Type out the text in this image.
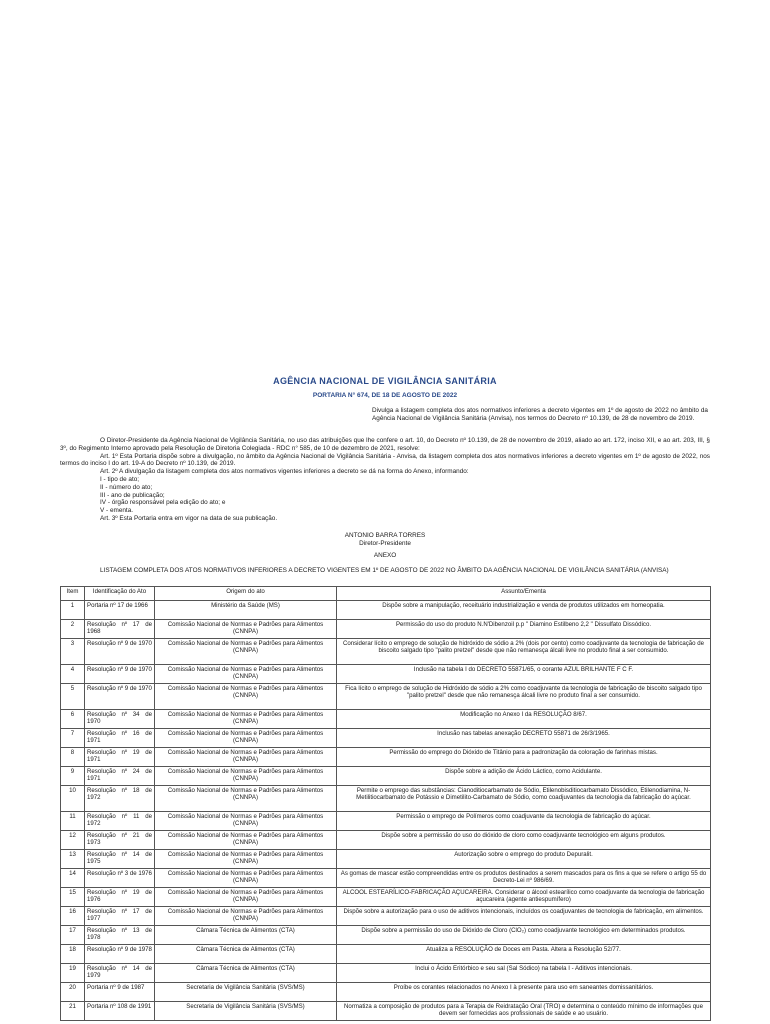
AGÊNCIA NACIONAL DE VIGILÂNCIA SANITÁRIA
PORTARIA N° 674, DE 18 DE AGOSTO DE 2022
Divulga a listagem completa dos atos normativos inferiores a decreto vigentes em 1º de agosto de 2022 no âmbito da Agência Nacional de Vigilância Sanitária (Anvisa), nos termos do Decreto nº 10.139, de 28 de novembro de 2019.

O Diretor-Presidente da Agência Nacional de Vigilância Sanitária, no uso das atribuições que lhe confere o art. 10, do Decreto nº 10.139, de 28 de novembro de 2019, aliado ao art. 172, inciso XII, e ao art. 203, III, § 3º, do Regimento Interno aprovado pela Resolução de Diretoria Colegiada - RDC n° 585, de 10 de dezembro de 2021, resolve:

Art. 1º Esta Portaria dispõe sobre a divulgação, no âmbito da Agência Nacional de Vigilância Sanitária - Anvisa, da listagem completa dos atos normativos inferiores a decreto vigentes em 1º de agosto de 2022, nos termos do inciso I do art. 19-A do Decreto nº 10.139, de 2019.

Art. 2º A divulgação da listagem completa dos atos normativos vigentes inferiores a decreto se dá na forma do Anexo, informando:

I - tipo de ato;

II - número do ato;

III - ano de publicação;

IV - órgão responsável pela edição do ato; e

V - ementa.

Art. 3º Esta Portaria entra em vigor na data de sua publicação.

ANTONIO BARRA TORRES
Diretor-Presidente
ANEXO
LISTAGEM COMPLETA DOS ATOS NORMATIVOS INFERIORES A DECRETO VIGENTES EM 1º DE AGOSTO DE 2022 NO ÂMBITO DA AGÊNCIA NACIONAL DE VIGILÂNCIA SANITÁRIA (ANVISA)
Item	Identificação do Ato	Origem do ato	Assunto/Ementa
1	Portaria nº 17 de 1966	Ministério da Saúde (MS)	Dispõe sobre a manipulação, receituário industrialização e venda de produtos utilizados em homeopatia.
2	Resolução nº 17 de 1968	Comissão Nacional de Normas e Padrões para Alimentos (CNNPA)	Permissão do uso do produto N.N'Dibenzoil p.p " Diamino Estilbeno 2,2 " Dissulfato Dissódico.
3	Resolução nº 9 de 1970	Comissão Nacional de Normas e Padrões para Alimentos (CNNPA)	Considerar lícito o emprego de solução de hidróxido de sódio a 2% (dois por cento) como coadjuvante da tecnologia de fabricação de biscoito salgado tipo "palito pretzel" desde que não remanesça álcali livre no produto final a ser consumido.
4	Resolução nº 9 de 1970	Comissão Nacional de Normas e Padrões para Alimentos (CNNPA)	Inclusão na tabela I do DECRETO 55871/65, o corante AZUL BRILHANTE F C F.
5	Resolução nº 9 de 1970	Comissão Nacional de Normas e Padrões para Alimentos (CNNPA)	Fica lícito o emprego de solução de Hidróxido de sódio a 2% como coadjuvante da tecnologia de fabricação de biscoito salgado tipo "palito pretzel" desde que não remanesça álcali livre no produto final a ser consumido.
6	Resolução nº 34 de 1970	Comissão Nacional de Normas e Padrões para Alimentos (CNNPA)	Modificação no Anexo I da RESOLUÇÃO 8/67.
7	Resolução nº 16 de 1971	Comissão Nacional de Normas e Padrões para Alimentos (CNNPA)	Inclusão nas tabelas anexação DECRETO 55871 de 26/3/1965.
8	Resolução nº 19 de 1971	Comissão Nacional de Normas e Padrões para Alimentos (CNNPA)	Permissão do emprego do Dióxido de Titânio para a padronização da coloração de farinhas mistas.
9	Resolução nº 24 de 1971	Comissão Nacional de Normas e Padrões para Alimentos (CNNPA)	Dispõe sobre a adição de Ácido Láctico, como Acidulante.
10	Resolução nº 18 de 1972	Comissão Nacional de Normas e Padrões para Alimentos (CNNPA)	Permite o emprego das substâncias: Cianoditiocarbamato de Sódio, Etilenobisditiocarbamato Dissódico, Etilenodiamina, N-Metilitiocarbamato de Potássio e Dimetilito-Carbamato de Sódio, como coadjuvantes da tecnologia da fabricação do açúcar.
11	Resolução nº 11 de 1972	Comissão Nacional de Normas e Padrões para Alimentos (CNNPA)	Permissão o emprego de Polímeros como coadjuvante da tecnologia de fabricação do açúcar.
12	Resolução nº 21 de 1973	Comissão Nacional de Normas e Padrões para Alimentos (CNNPA)	Dispõe sobre a permissão do uso do dióxido de cloro como coadjuvante tecnológico em alguns produtos.
13	Resolução nº 14 de 1975	Comissão Nacional de Normas e Padrões para Alimentos (CNNPA)	Autorização sobre o emprego do produto Depuralit.
14	Resolução nº 3 de 1976	Comissão Nacional de Normas e Padrões para Alimentos (CNNPA)	As gomas de mascar estão compreendidas entre os produtos destinados a serem mascados para os fins a que se refere o artigo 55 do Decreto-Lei nº 986/69.
15	Resolução nº 19 de 1976	Comissão Nacional de Normas e Padrões para Alimentos (CNNPA)	ALCOOL ESTEARÍLICO-FABRICAÇÃO AÇUCAREIRA. Considerar o álcool estearílico como coadjuvante da tecnologia de fabricação açucareira (agente antiespumífero)
16	Resolução nº 17 de 1977	Comissão Nacional de Normas e Padrões para Alimentos (CNNPA)	Dispõe sobre a autorização para o uso de aditivos intencionais, incluídos os coadjuvantes de tecnologia de fabricação, em alimentos.
17	Resolução nº 13 de 1978	Câmara Técnica de Alimentos (CTA)	Dispõe sobre a permissão do uso de Dióxido de Cloro (ClO₂) como coadjuvante tecnológico em determinados produtos.
18	Resolução nº 9 de 1978	Câmara Técnica de Alimentos (CTA)	Atualiza a RESOLUÇÃO de Doces em Pasta. Altera a Resolução 52/77.
19	Resolução nº 14 de 1979	Câmara Técnica de Alimentos (CTA)	Inclui o Ácido Eritórbico e seu sal (Sal Sódico) na tabela I - Aditivos intencionais.
20	Portaria nº 9 de 1987	Secretaria de Vigilância Sanitária (SVS/MS)	Proíbe os corantes relacionados no Anexo I à presente para uso em saneantes domissanitários.
21	Portaria nº 108 de 1991	Secretaria de Vigilância Sanitária (SVS/MS)	Normatiza a composição de produtos para a Terapia de Reidratação Oral (TRO) e determina o conteúdo mínimo de informações que devem ser fornecidas aos profissionais de saúde e ao usuário.
